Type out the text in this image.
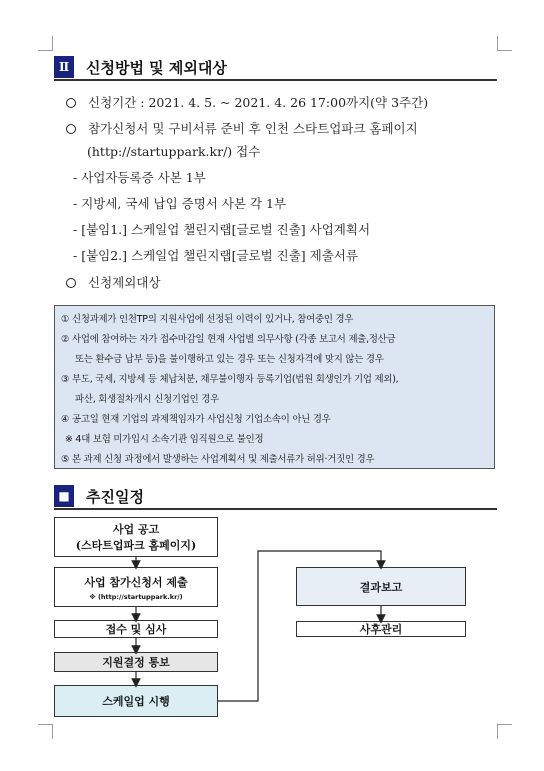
Ⅱ	신청방법 및 제외대상
신청기간 : 2021. 4. 5. ~ 2021. 4. 26 17:00까지(약 3주간)
참가신청서 및 구비서류 준비 후 인천 스타트업파크 홈페이지
(http://startuppark.kr/) 접수
- 사업자등록증 사본 1부
- 지방세, 국세 납입 증명서 사본 각 1부
- [붙임1.] 스케일업 챌린지랩[글로벌 진출] 사업계획서
- [붙임2.] 스케일업 챌린지랩[글로벌 진출] 제출서류
신청제외대상
① 신청과제가 인천TP의 지원사업에 선정된 이력이 있거나, 참여중인 경우
② 사업에 참여하는 자가 접수마감일 현재 사업별 의무사항 (각종 보고서 제출,정산금
또는 환수금 납부 등)을 불이행하고 있는 경우 또는 신청자격에 맞지 않는 경우
③ 부도, 국세, 지방세 등 체납처분, 채무불이행자 등록기업(법원 회생인가 기업 제외),
파산, 회생절차개시 신청기업인 경우
④ 공고일 현재 기업의 과제책임자가 사업신청 기업소속이 아닌 경우
※ 4대 보험 미가입시 소속기관 임직원으로 불인정
⑤ 본 과제 신청 과정에서 발생하는 사업계획서 및 제출서류가 허위·거짓인 경우
■ 추진일정
사업 공고
(스타트업파크 홈페이지)
사업 참가신청서 제출
※ (http://startuppark.kr/)
접수 및 심사
지원결정 통보
스케일업 시행
결과보고
사후관리
